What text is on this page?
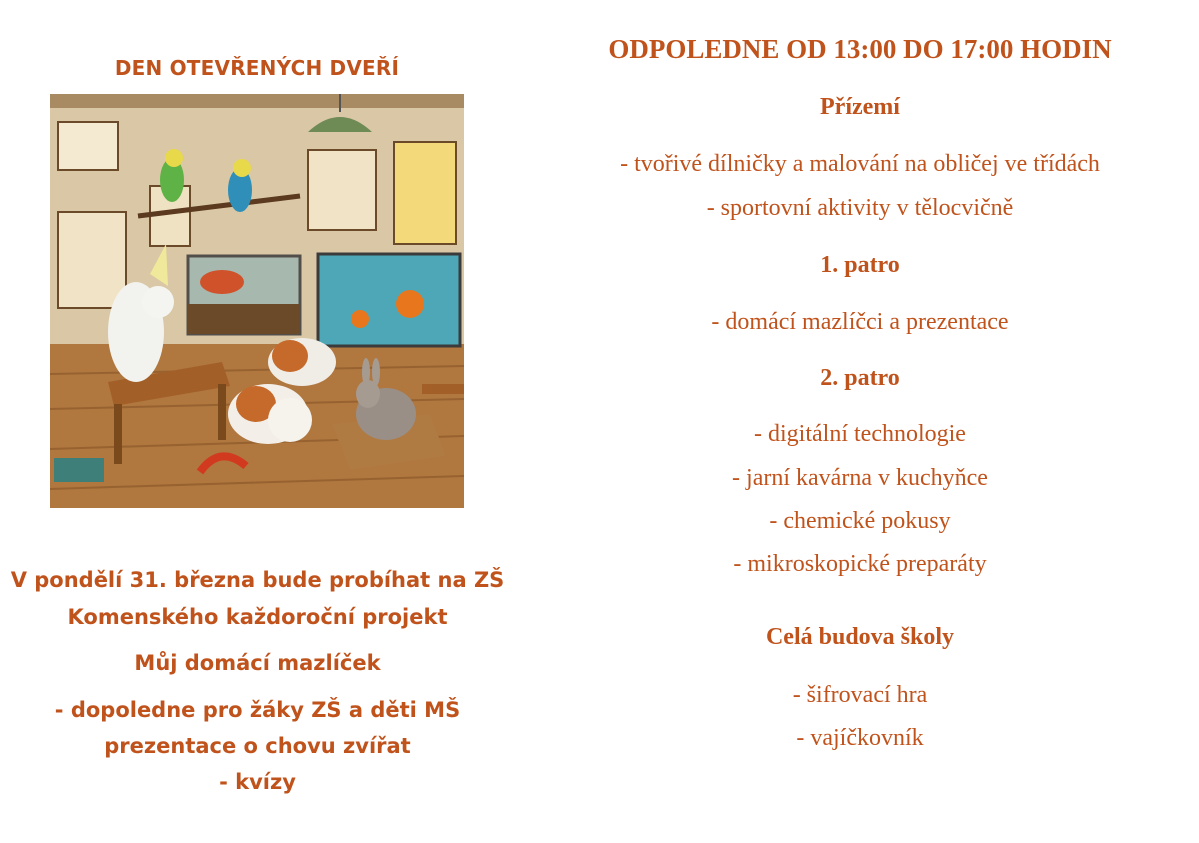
DEN OTEVŘENÝCH DVEŘÍ
V pondělí 31. března bude probíhat na ZŠ
Komenského každoroční projekt
Můj domácí mazlíček
- dopoledne pro žáky ZŠ a děti MŠ
prezentace o chovu zvířat
- kvízy
ODPOLEDNE OD 13:00 DO 17:00 HODIN
Přízemí
- tvořivé dílničky a malování na obličej ve třídách
- sportovní aktivity v tělocvičně
1. patro
- domácí mazlíčci a prezentace
2. patro
- digitální technologie
- jarní kavárna v kuchyňce
- chemické pokusy
- mikroskopické preparáty
Celá budova školy
- šifrovací hra
- vajíčkovník
